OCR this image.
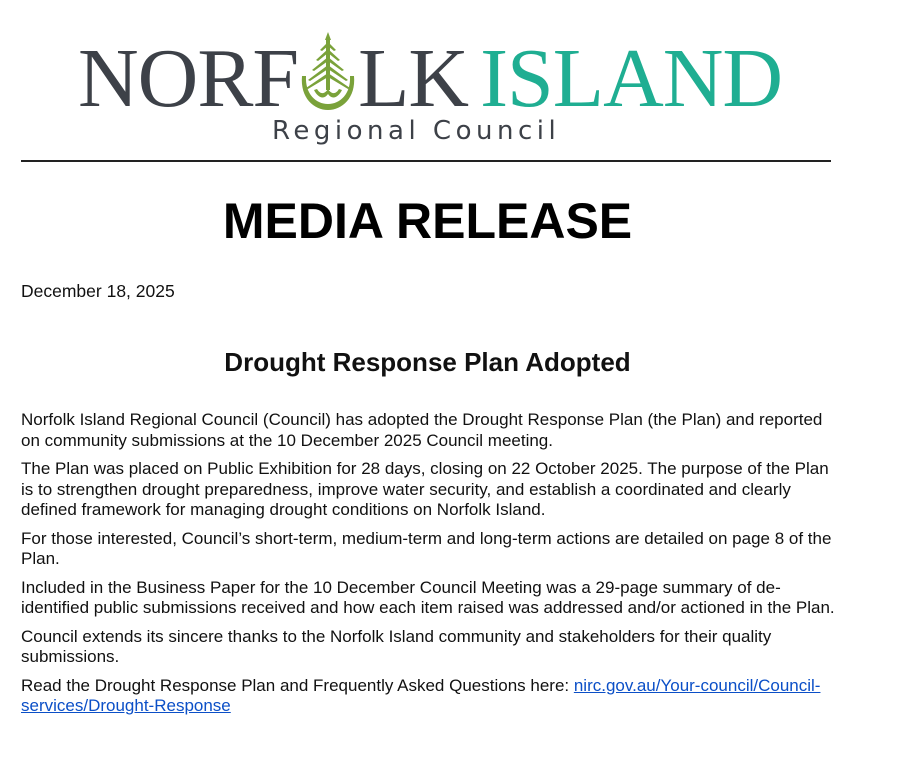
NORF LK ISLAND
Regional Council
MEDIA RELEASE
December 18, 2025
Drought Response Plan Adopted

Norfolk Island Regional Council (Council) has adopted the Drought Response Plan (the Plan) and reported on community submissions at the 10 December 2025 Council meeting.

The Plan was placed on Public Exhibition for 28 days, closing on 22 October 2025. The purpose of the Plan is to strengthen drought preparedness, improve water security, and establish a coordinated and clearly defined framework for managing drought conditions on Norfolk Island.

For those interested, Council’s short-term, medium-term and long-term actions are detailed on page 8 of the Plan.

Included in the Business Paper for the 10 December Council Meeting was a 29-page summary of de-identified public submissions received and how each item raised was addressed and/or actioned in the Plan.

Council extends its sincere thanks to the Norfolk Island community and stakeholders for their quality submissions.

Read the Drought Response Plan and Frequently Asked Questions here: nirc.gov.au/Your-council/Council-services/Drought-Response
